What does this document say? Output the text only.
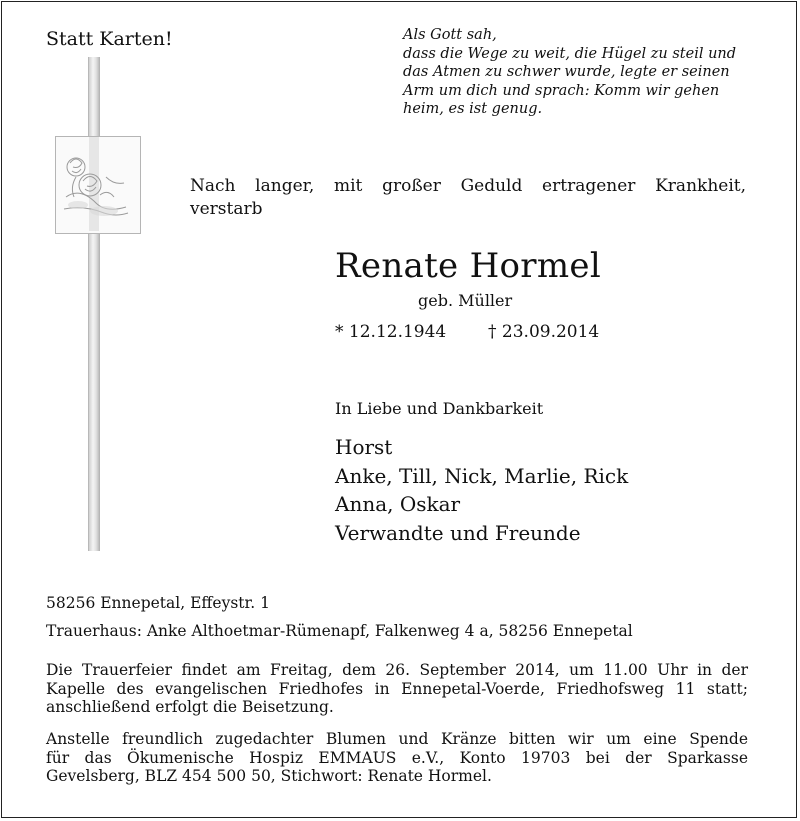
Statt Karten!	Als Gott sah,
dass die Wege zu weit, die Hügel zu steil und
das Atmen zu schwer wurde, legte er seinen
Arm um dich und sprach: Komm wir gehen
heim, es ist genug.
Nach langer, mit großer Geduld ertragener Krankheit,
verstarb
Renate Hormel
geb. Müller
* 12.12.1944 † 23.09.2014
In Liebe und Dankbarkeit
Horst
Anke, Till, Nick, Marlie, Rick
Anna, Oskar
Verwandte und Freunde
58256 Ennepetal, Effeystr. 1
Trauerhaus: Anke Althoetmar-Rümenapf, Falkenweg 4 a, 58256 Ennepetal
Die Trauerfeier findet am Freitag, dem 26. September 2014, um 11.00 Uhr in der
Kapelle des evangelischen Friedhofes in Ennepetal-Voerde, Friedhofsweg 11 statt;
anschließend erfolgt die Beisetzung.
Anstelle freundlich zugedachter Blumen und Kränze bitten wir um eine Spende
für das Ökumenische Hospiz EMMAUS e.V., Konto 19703 bei der Sparkasse
Gevelsberg, BLZ 454 500 50, Stichwort: Renate Hormel.
